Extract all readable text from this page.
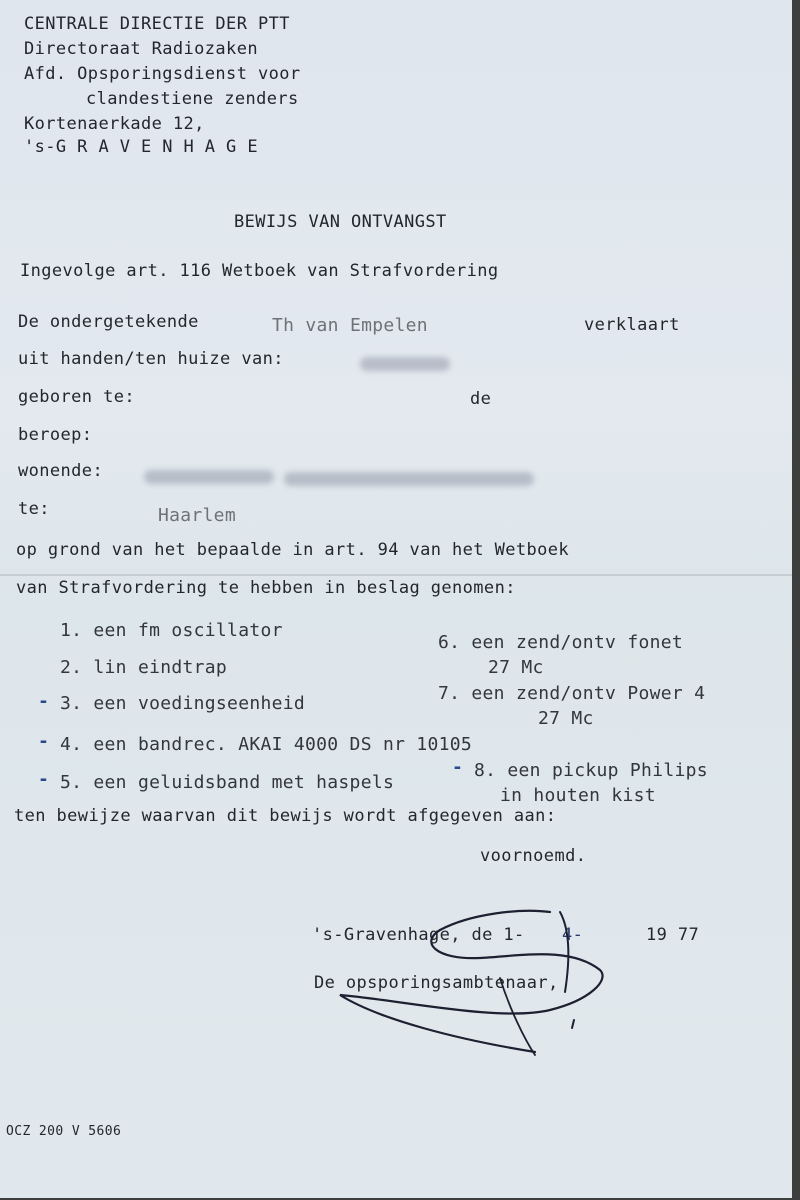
CENTRALE DIRECTIE DER PTT
Directoraat Radiozaken
Afd. Opsporingsdienst voor
clandestiene zenders
Kortenaerkade 12,
's-G R A V E N H A G E
BEWIJS VAN ONTVANGST
Ingevolge art. 116 Wetboek van Strafvordering
De ondergetekende	Th van Empelen	verklaart
uit handen/ten huize van:
geboren te:	de
beroep:
wonende:
te:	Haarlem
op grond van het bepaalde in art. 94 van het Wetboek
van Strafvordering te hebben in beslag genomen:
1. een fm oscillator
2. lin eindtrap
- 3. een voedingseenheid
- 4. een bandrec. AKAI 4000 DS nr 10105
- 5. een geluidsband met haspels
6. een zend/ontv fonet
27 Mc
7. een zend/ontv Power 4
27 Mc
- 8. een pickup Philips
in houten kist
ten bewijze waarvan dit bewijs wordt afgegeven aan:
voornoemd.
's-Gravenhage, de 1- 4-	19 77
De opsporingsambtenaar,
OCZ 200 V 5606
